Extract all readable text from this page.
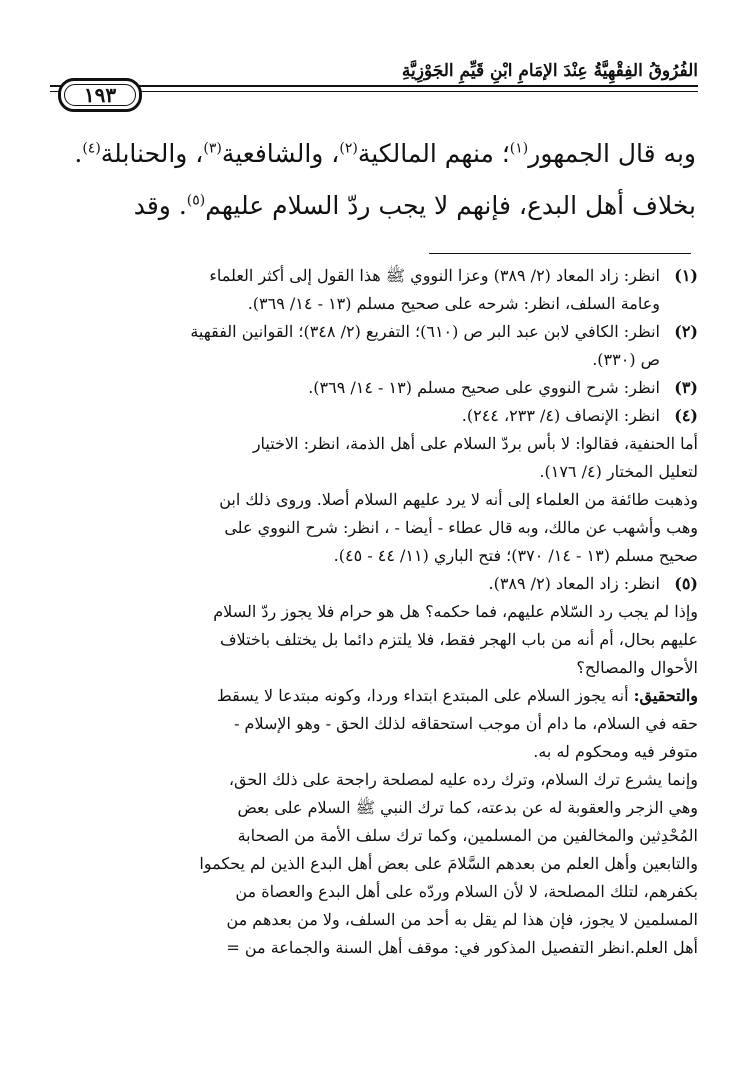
الفُرُوقُ الفِقْهِيَّةُ عِنْدَ الإمَامِ ابْنِ قَيِّمِ الجَوْزِيَّةِ
١٩٣
وبه قال الجمهور$^{(١)}$؛ منهم المالكية$^{(٢)}$، والشافعية$^{(٣)}$، والحنابلة$^{(٤)}$.
بخلاف أهل البدع، فإنهم لا يجب ردّ السلام عليهم$^{(٥)}$. وقد
(١)
انظر: زاد المعاد (٢/ ٣٨٩) وعزا النووي ﷺ هذا القول إلى أكثر العلماء
وعامة السلف، انظر: شرحه على صحيح مسلم (١٣ - ١٤/ ٣٦٩).
(٢)
انظر: الكافي لابن عبد البر ص (٦١٠)؛ التفريع (٢/ ٣٤٨)؛ القوانين الفقهية
ص (٣٣٠).
(٣)
انظر: شرح النووي على صحيح مسلم (١٣ - ١٤/ ٣٦٩).
(٤)
انظر: الإنصاف (٤/ ٢٣٣، ٢٤٤).
أما الحنفية، فقالوا: لا بأس بردّ السلام على أهل الذمة، انظر: الاختيار
لتعليل المختار (٤/ ١٧٦).
وذهبت طائفة من العلماء إلى أنه لا يرد عليهم السلام أصلا. وروى ذلك ابن
وهب وأشهب عن مالك، وبه قال عطاء - أيضا - ، انظر: شرح النووي على
صحيح مسلم (١٣ - ١٤/ ٣٧٠)؛ فتح الباري (١١/ ٤٤ - ٤٥).
(٥)
انظر: زاد المعاد (٢/ ٣٨٩).
وإذا لم يجب رد السّلام عليهم، فما حكمه؟ هل هو حرام فلا يجوز ردّ السلام
عليهم بحال، أم أنه من باب الهجر فقط، فلا يلتزم دائما بل يختلف باختلاف
الأحوال والمصالح؟
والتحقيق: أنه يجوز السلام على المبتدع ابتداء وردا، وكونه مبتدعا لا يسقط
حقه في السلام، ما دام أن موجب استحقاقه لذلك الحق - وهو الإسلام -
متوفر فيه ومحكوم له به.
وإنما يشرع ترك السلام، وترك رده عليه لمصلحة راجحة على ذلك الحق،
وهي الزجر والعقوبة له عن بدعته، كما ترك النبي ﷺ السلام على بعض
المُحْدِثين والمخالفين من المسلمين، وكما ترك سلف الأمة من الصحابة
والتابعين وأهل العلم من بعدهم السَّلامَ على بعض أهل البدع الذين لم يحكموا
بكفرهم، لتلك المصلحة، لا لأن السلام وردّه على أهل البدع والعصاة من
المسلمين لا يجوز، فإن هذا لم يقل به أحد من السلف، ولا من بعدهم من
أهل العلم.انظر التفصيل المذكور في: موقف أهل السنة والجماعة من =
